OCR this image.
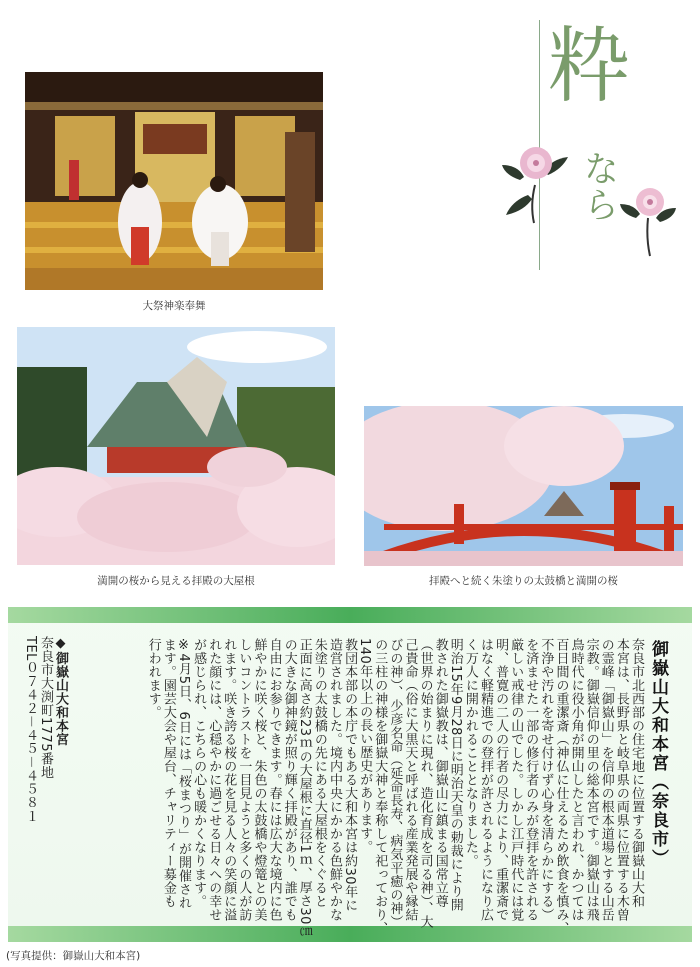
大祭神楽奉舞
粋
なら
満開の桜から見える拝殿の大屋根	拝殿へと続く朱塗りの太鼓橋と満開の桜
御嶽山大和本宮（奈良市）
奈良市北西部の住宅地に位置する御嶽山大和
本宮は、長野県と岐阜県の両県に位置する木曽
の霊峰「御嶽山」を信仰の根本道場とする山岳
宗教。御嶽信仰の里の総本宮です。御嶽山は飛
鳥時代に役小角が開山したと言われ、かつては
百日間の重潔斎（神仏に仕えるため飲食を慎み、
不浄や汚れを寄せ付けず心身を清らかにする）
を済ませた一部の修行者のみが登拝を許される
厳しい戒律の山でした。しかし江戸時代には覚
明、普寛の二人の行者の尽力により、重潔斎で
はなく軽精進での登拝が許されるようになり広
く万人に開かれることとなりました。
明治15年9月28日に明治天皇の勅裁により開
教された御嶽教は、御嶽山に鎮まる国常立尊
（世界の始まりに現れ、造化育成を司る神）、大
己貴命（俗に大黒天と呼ばれる産業発展や縁結
びの神）、少彦名命（延命長寿、病気平癒の神）
の三柱の神様を御嶽大神と奉称して祀っており、
140年以上の長い歴史があります。
教団本部の本庁でもある大和本宮は約30年に
造営されました。境内中央にかかる色鮮やかな
朱塗りの太鼓橋の先にある大屋根をくぐると
正面に高さ約23ｍの大屋根に直径1ｍ、厚さ30㎝
の大きな御神鏡が照り輝く拝殿があり、誰でも
自由にお参りできます。春には広大な境内に色
鮮やかに咲く桜と、朱色の太鼓橋や燈篭との美
しいコントラストを一目見ようと多くの人が訪
れます。咲き誇る桜の花を見る人々の笑顔に溢
れた顔には、心穏やかに過ごせる日々への幸せ
が感じられ、こちらの心も暖かくなります。
※4月5日、6日には「桜まつり」が開催され
ます。園芸大会や屋台、チャリティー募金も
行われます。
◆御嶽山大和本宮
奈良市大渕町1775番地
TEL０７４２－４５－４５８１
(写真提供：御嶽山大和本宮)
